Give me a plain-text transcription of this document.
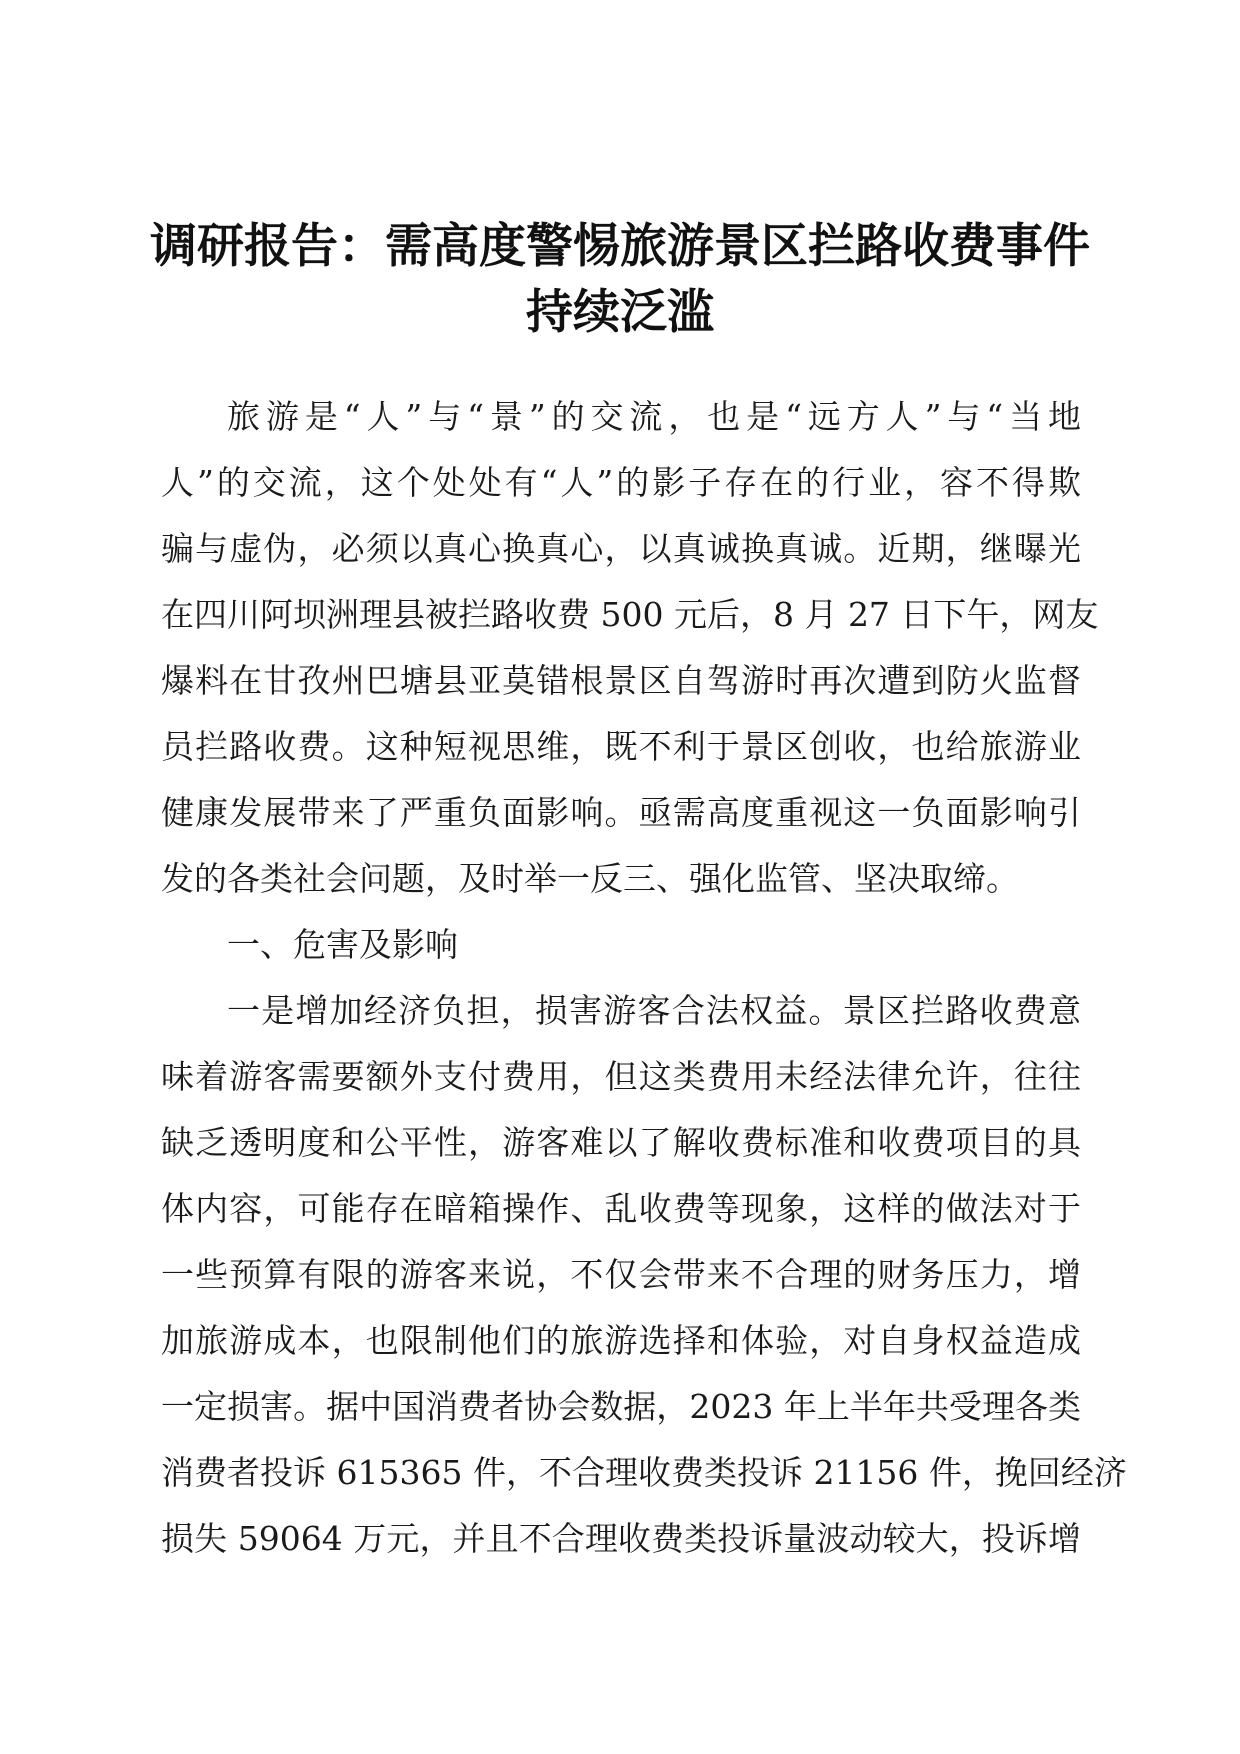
调研报告：需高度警惕旅游景区拦路收费事件
持续泛滥
旅游是“人”与“景”的交流，也是“远方人”与“当地
人”的交流，这个处处有“人”的影子存在的行业，容不得欺
骗与虚伪，必须以真心换真心，以真诚换真诚。近期，继曝光
在四川阿坝洲理县被拦路收费 500 元后，8 月 27 日下午，网友
爆料在甘孜州巴塘县亚莫错根景区自驾游时再次遭到防火监督
员拦路收费。这种短视思维，既不利于景区创收，也给旅游业
健康发展带来了严重负面影响。亟需高度重视这一负面影响引
发的各类社会问题，及时举一反三、强化监管、坚决取缔。
一、危害及影响
一是增加经济负担，损害游客合法权益。景区拦路收费意
味着游客需要额外支付费用，但这类费用未经法律允许，往往
缺乏透明度和公平性，游客难以了解收费标准和收费项目的具
体内容，可能存在暗箱操作、乱收费等现象，这样的做法对于
一些预算有限的游客来说，不仅会带来不合理的财务压力，增
加旅游成本，也限制他们的旅游选择和体验，对自身权益造成
一定损害。据中国消费者协会数据，2023 年上半年共受理各类
消费者投诉 615365 件，不合理收费类投诉 21156 件，挽回经济
损失 59064 万元，并且不合理收费类投诉量波动较大，投诉增
